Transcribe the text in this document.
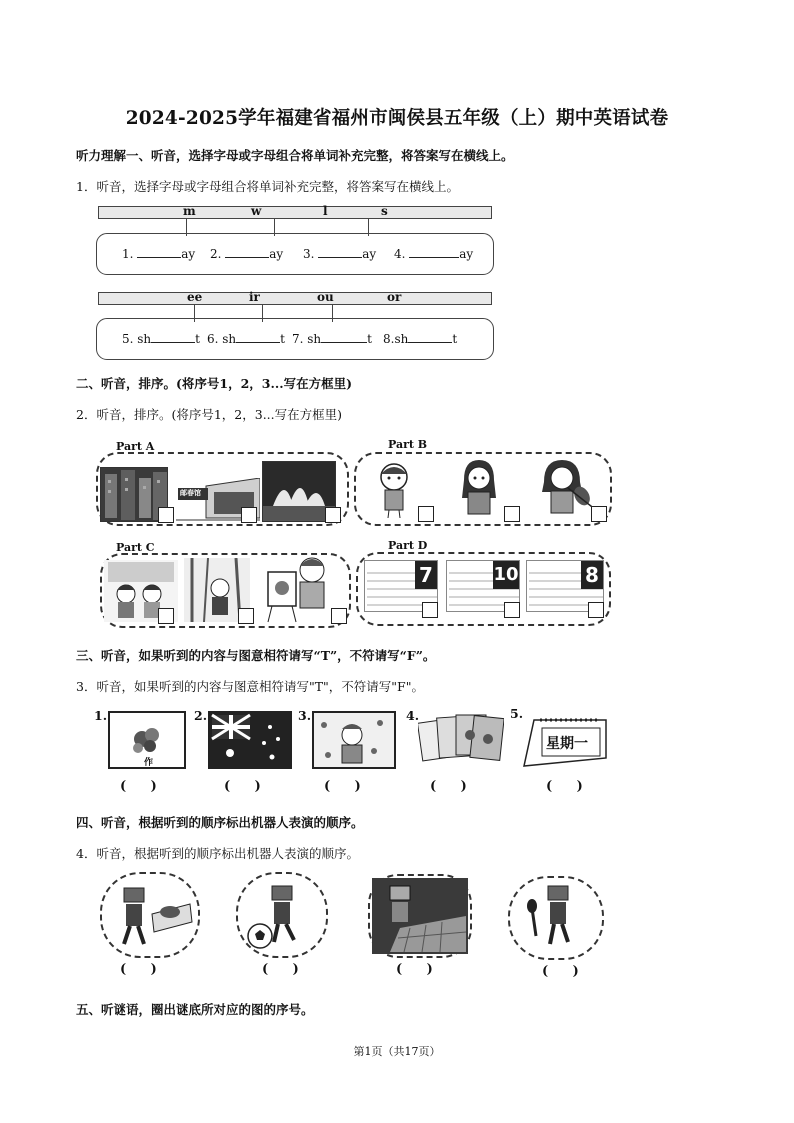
2024-2025学年福建省福州市闽侯县五年级（上）期中英语试卷
听力理解一、听音，选择字母或字母组合将单词补充完整，将答案写在横线上。
1．听音，选择字母或字母组合将单词补充完整，将答案写在横线上。
m	w	l	s
1.	ay 2.	ay 3.	ay 4.	ay
ee	ir	ou	or
5. sh	t 6. sh	t 7. sh	t 8.sh	t
二、听音，排序。(将序号1，2，3...写在方框里)
2．听音，排序。(将序号1，2，3...写在方框里)
Part A
邮春馆
Part B
Part C	Part D
7	10	8
三、听音，如果听到的内容与图意相符请写“T”，不符请写“F”。
3．听音，如果听到的内容与图意相符请写"T"，不符请写"F"。
1.
作
( )
2.
( )
3.
( )
4.
( )
5.
星期一
( )
四、听音，根据听到的顺序标出机器人表演的顺序。
4．听音，根据听到的顺序标出机器人表演的顺序。
( )	( )	( )	( )
五、听谜语，圈出谜底所对应的图的序号。
第1页（共17页）
